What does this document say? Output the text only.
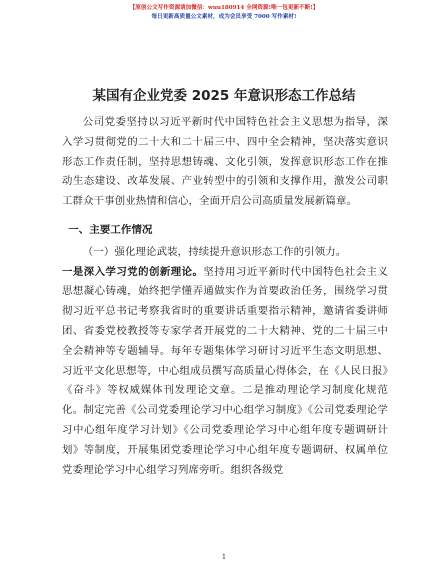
【原创公文写作资源请加微信：wuu180914 全网资源!唯一包更新不断!】
每日更新高质量公文素材，成为会员享受 7000 写作素材!
某国有企业党委 2025 年意识形态工作总结

公司党委坚持以习近平新时代中国特色社会主义思想为指导，深入学习贯彻党的二十大和二十届三中、四中全会精神，坚决落实意识形态工作责任制，坚持思想铸魂、文化引领，发挥意识形态工作在推动生态建设、改革发展、产业转型中的引领和支撑作用，激发公司职工群众干事创业热情和信心，全面开启公司高质量发展新篇章。

一、主要工作情况

（一）强化理论武装，持续提升意识形态工作的引领力。

一是深入学习党的创新理论。坚持用习近平新时代中国特色社会主义思想凝心铸魂，始终把学懂弄通做实作为首要政治任务，围绕学习贯彻习近平总书记考察我省时的重要讲话重要指示精神，邀请省委讲师团、省委党校教授等专家学者开展党的二十大精神、党的二十届三中全会精神等专题辅导。每年专题集体学习研讨习近平生态文明思想、习近平文化思想等，中心组成员撰写高质量心得体会，在《人民日报》《奋斗》等权威媒体刊发理论文章。二是推动理论学习制度化规范化。制定完善《公司党委理论学习中心组学习制度》《公司党委理论学习中心组年度学习计划》《公司党委理论学习中心组年度专题调研计划》等制度，开展集团党委理论学习中心组年度专题调研、权属单位党委理论学习中心组学习列席旁听。组织各级党

1
